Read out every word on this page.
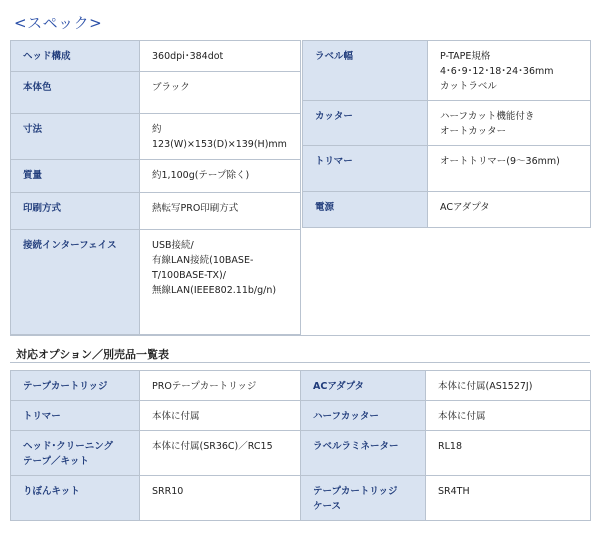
<スペック>
ヘッド構成	360dpi･384dot
本体色	ブラック
寸法	約
123(W)×153(D)×139(H)mm
質量	約1,100g(テープ除く)
印刷方式	熱転写PRO印刷方式
接続インターフェイス	USB接続/
有線LAN接続(10BASE-
T/100BASE-TX)/
無線LAN(IEEE802.11b/g/n)
ラベル幅	P-TAPE規格
4･6･9･12･18･24･36mm
カットラベル
カッター	ハーフカット機能付き
オートカッター
トリマー	オートトリマー(9〜36mm)
電源	ACアダプタ
対応オプション／別売品一覧表
テープカートリッジ	PROテープカートリッジ	ACアダプタ	本体に付属(AS1527J)
トリマー	本体に付属	ハーフカッター	本体に付属
ヘッド･クリーニング
テープ／キット	本体に付属(SR36C)／RC15	ラベルラミネーター	RL18
りぼんキット	SRR10	テープカートリッジ
ケース	SR4TH
